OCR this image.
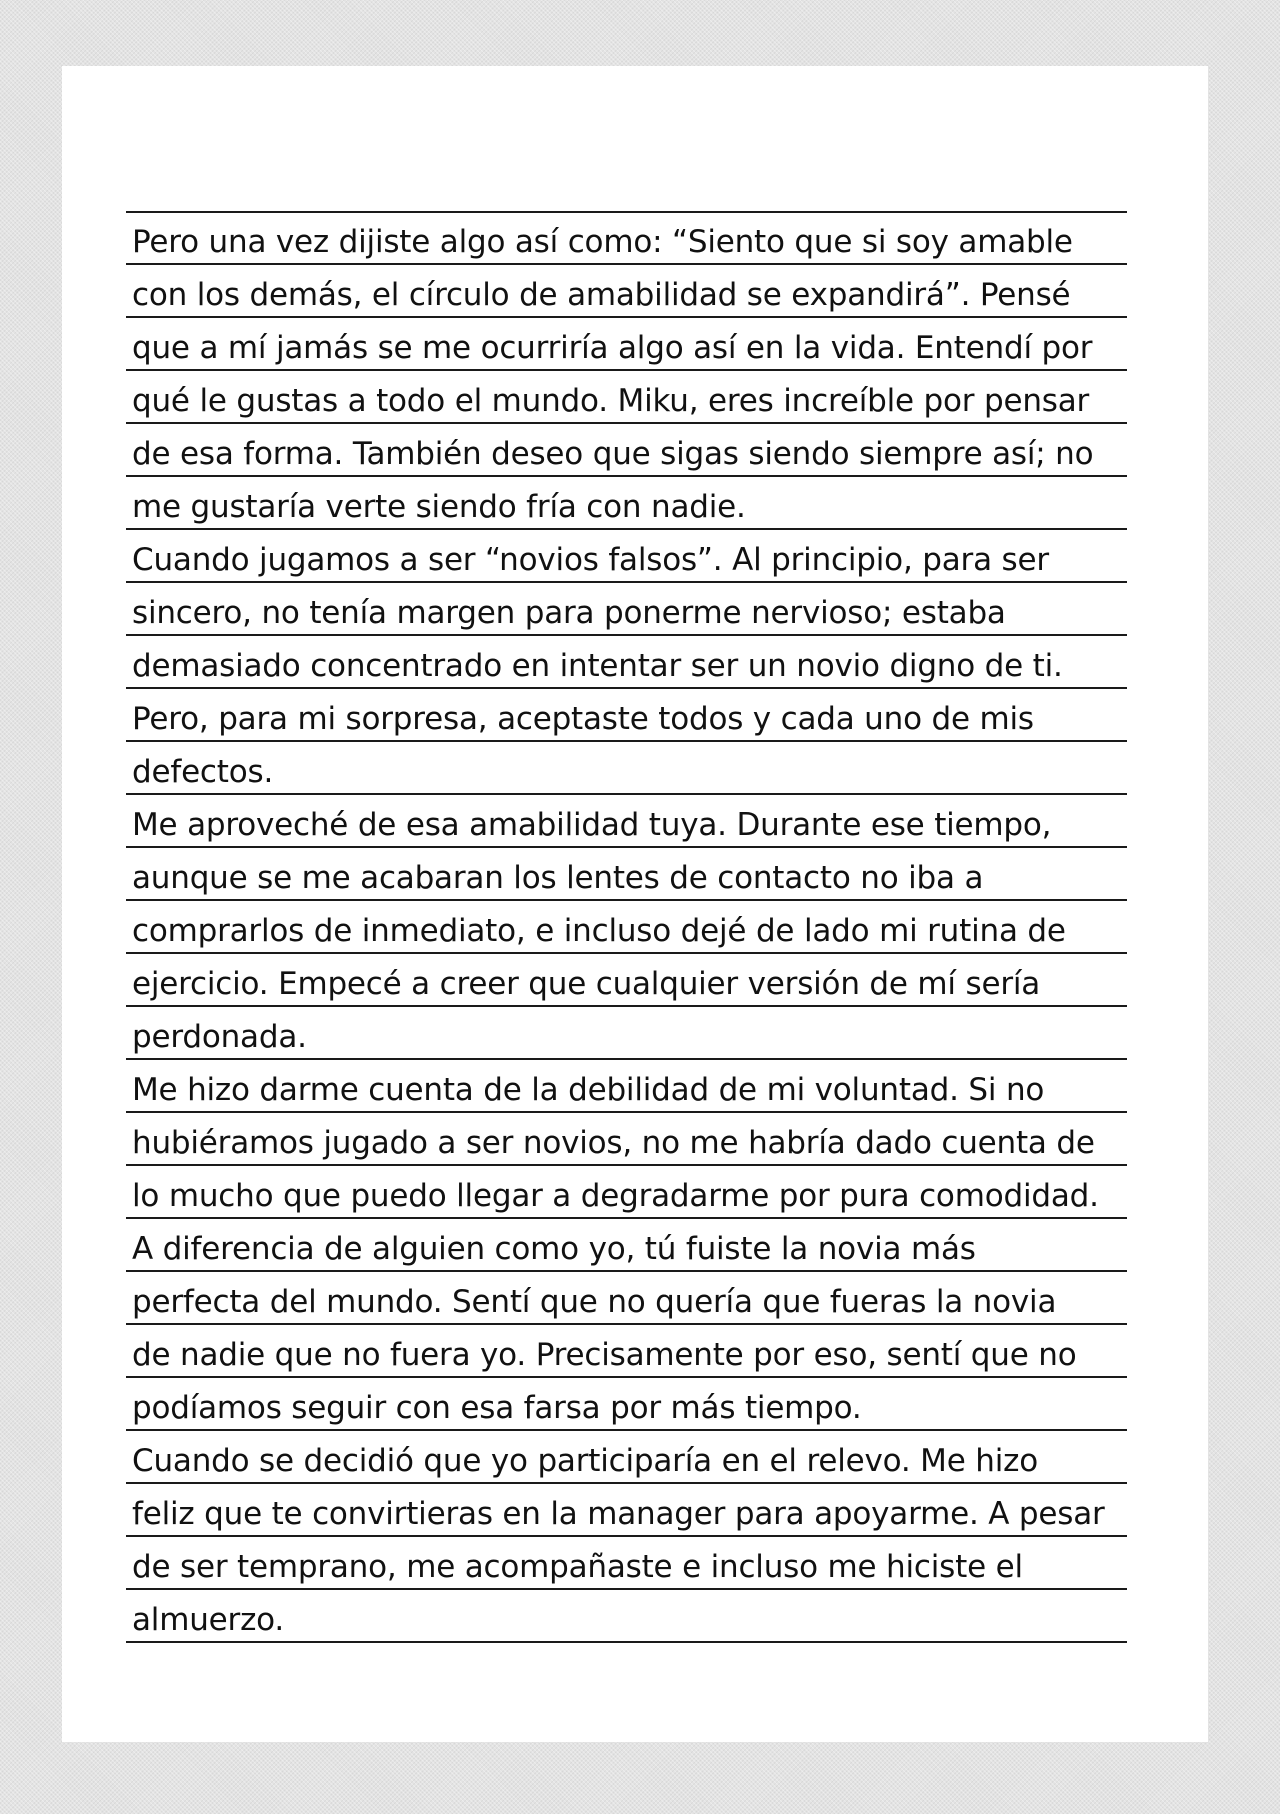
Pero una vez dijiste algo así como: “Siento que si soy amable
con los demás, el círculo de amabilidad se expandirá”. Pensé
que a mí jamás se me ocurriría algo así en la vida. Entendí por
qué le gustas a todo el mundo. Miku, eres increíble por pensar
de esa forma. También deseo que sigas siendo siempre así; no
me gustaría verte siendo fría con nadie.
Cuando jugamos a ser “novios falsos”. Al principio, para ser
sincero, no tenía margen para ponerme nervioso; estaba
demasiado concentrado en intentar ser un novio digno de ti.
Pero, para mi sorpresa, aceptaste todos y cada uno de mis
defectos.
Me aproveché de esa amabilidad tuya. Durante ese tiempo,
aunque se me acabaran los lentes de contacto no iba a
comprarlos de inmediato, e incluso dejé de lado mi rutina de
ejercicio. Empecé a creer que cualquier versión de mí sería
perdonada.
Me hizo darme cuenta de la debilidad de mi voluntad. Si no
hubiéramos jugado a ser novios, no me habría dado cuenta de
lo mucho que puedo llegar a degradarme por pura comodidad.
A diferencia de alguien como yo, tú fuiste la novia más
perfecta del mundo. Sentí que no quería que fueras la novia
de nadie que no fuera yo. Precisamente por eso, sentí que no
podíamos seguir con esa farsa por más tiempo.
Cuando se decidió que yo participaría en el relevo. Me hizo
feliz que te convirtieras en la manager para apoyarme. A pesar
de ser temprano, me acompañaste e incluso me hiciste el
almuerzo.
